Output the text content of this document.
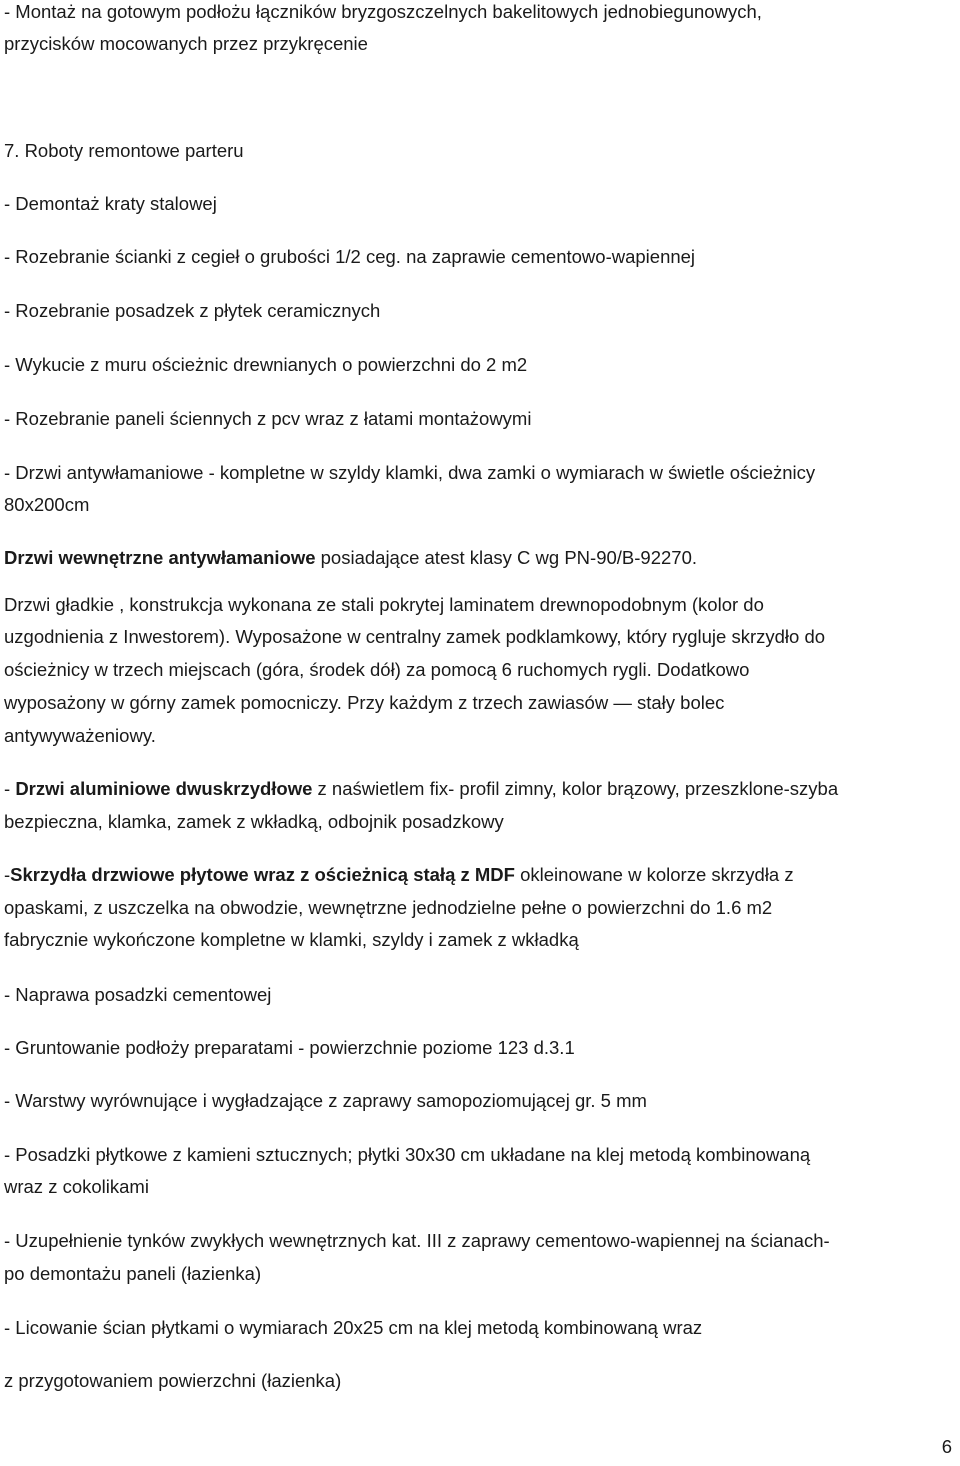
- Montaż na gotowym podłożu łączników bryzgoszczelnych bakelitowych jednobiegunowych,
przycisków mocowanych przez przykręcenie
7. Roboty remontowe parteru
- Demontaż kraty stalowej
- Rozebranie ścianki z cegieł o grubości 1/2 ceg. na zaprawie cementowo-wapiennej
- Rozebranie posadzek z płytek ceramicznych
- Wykucie z muru ościeżnic drewnianych o powierzchni do 2 m2
- Rozebranie paneli ściennych z pcv wraz z łatami montażowymi
- Drzwi antywłamaniowe - kompletne w szyldy klamki, dwa zamki o wymiarach w świetle ościeżnicy
80x200cm
Drzwi wewnętrzne antywłamaniowe posiadające atest klasy C wg PN-90/B-92270.
Drzwi gładkie , konstrukcja wykonana ze stali pokrytej laminatem drewnopodobnym (kolor do
uzgodnienia z Inwestorem). Wyposażone w centralny zamek podklamkowy, który rygluje skrzydło do
ościeżnicy w trzech miejscach (góra, środek dół) za pomocą 6 ruchomych rygli. Dodatkowo
wyposażony w górny zamek pomocniczy. Przy każdym z trzech zawiasów — stały bolec
antywyważeniowy.
- Drzwi aluminiowe dwuskrzydłowe z naświetlem fix- profil zimny, kolor brązowy, przeszklone-szyba
bezpieczna, klamka, zamek z wkładką, odbojnik posadzkowy
-Skrzydła drzwiowe płytowe wraz z ościeżnicą stałą z MDF okleinowane w kolorze skrzydła z
opaskami, z uszczelka na obwodzie, wewnętrzne jednodzielne pełne o powierzchni do 1.6 m2
fabrycznie wykończone kompletne w klamki, szyldy i zamek z wkładką
- Naprawa posadzki cementowej
- Gruntowanie podłoży preparatami - powierzchnie poziome 123 d.3.1
- Warstwy wyrównujące i wygładzające z zaprawy samopoziomującej gr. 5 mm
- Posadzki płytkowe z kamieni sztucznych; płytki 30x30 cm układane na klej metodą kombinowaną
wraz z cokolikami
- Uzupełnienie tynków zwykłych wewnętrznych kat. III z zaprawy cementowo-wapiennej na ścianach-
po demontażu paneli (łazienka)
- Licowanie ścian płytkami o wymiarach 20x25 cm na klej metodą kombinowaną wraz
z przygotowaniem powierzchni (łazienka)
6
